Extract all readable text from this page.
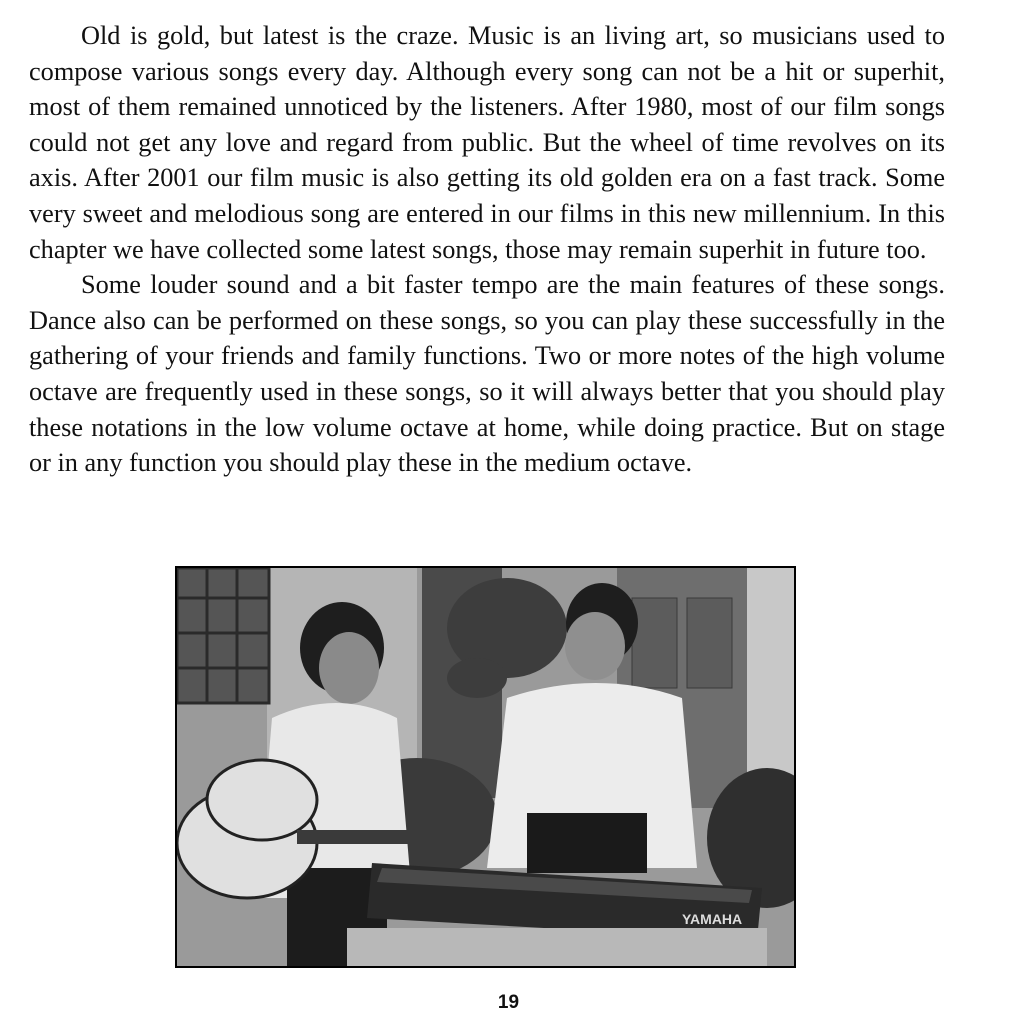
Old is gold, but latest is the craze. Music is an living art, so musicians used to compose various songs every day. Although every song can not be a hit or superhit, most of them remained unnoticed by the listeners. After 1980, most of our film songs could not get any love and regard from public. But the wheel of time revolves on its axis. After 2001 our film music is also getting its old golden era on a fast track. Some very sweet and melodious song are entered in our films in this new millennium. In this chapter we have collected some latest songs, those may remain superhit in future too.

Some louder sound and a bit faster tempo are the main features of these songs. Dance also can be performed on these songs, so you can play these successfully in the gathering of your friends and family functions. Two or more notes of the high volume octave are frequently used in these songs, so it will always better that you should play these notations in the low volume octave at home, while doing practice. But on stage or in any function you should play these in the medium octave.

YAMAHA
19
